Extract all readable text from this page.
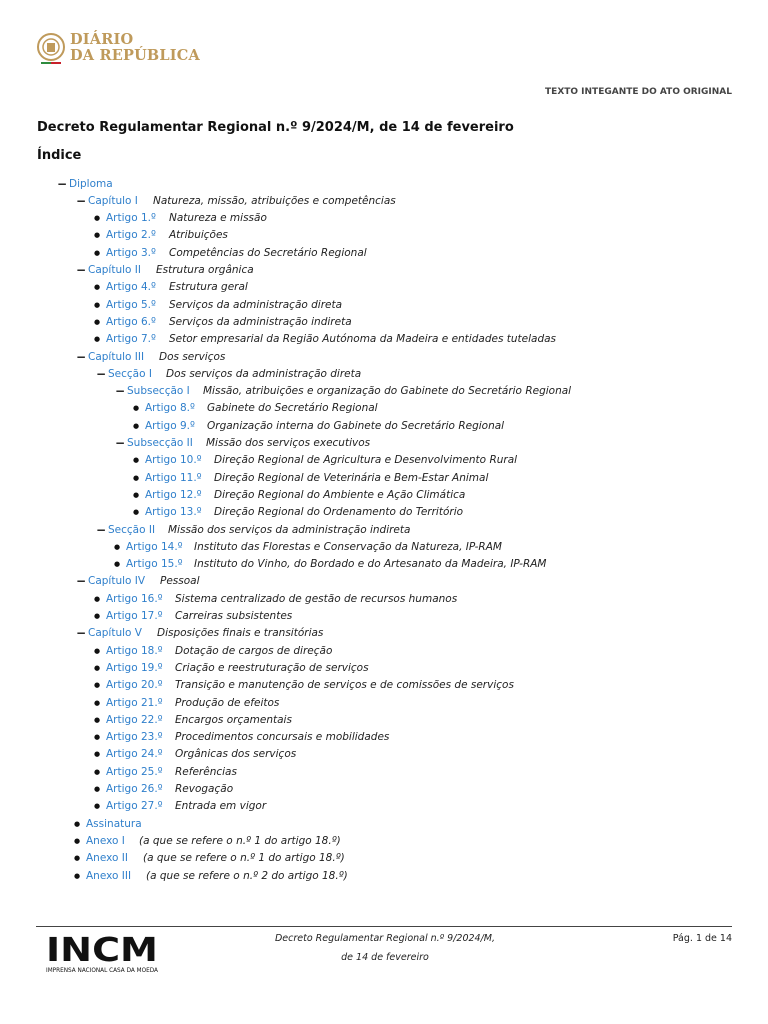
DIÁRIO
DA REPÚBLICA
TEXTO INTEGANTE DO ATO ORIGINAL
Decreto Regulamentar Regional n.º 9/2024/M, de 14 de fevereiro
Índice
− Diploma
− Capítulo I Natureza, missão, atribuições e competências
● Artigo 1.º Natureza e missão
● Artigo 2.º Atribuições
● Artigo 3.º Competências do Secretário Regional
− Capítulo II Estrutura orgânica
● Artigo 4.º Estrutura geral
● Artigo 5.º Serviços da administração direta
● Artigo 6.º Serviços da administração indireta
● Artigo 7.º Setor empresarial da Região Autónoma da Madeira e entidades tuteladas
− Capítulo III Dos serviços
− Secção I Dos serviços da administração direta
− Subsecção I Missão, atribuições e organização do Gabinete do Secretário Regional
● Artigo 8.º Gabinete do Secretário Regional
● Artigo 9.º Organização interna do Gabinete do Secretário Regional
− Subsecção II Missão dos serviços executivos
● Artigo 10.º Direção Regional de Agricultura e Desenvolvimento Rural
● Artigo 11.º Direção Regional de Veterinária e Bem-Estar Animal
● Artigo 12.º Direção Regional do Ambiente e Ação Climática
● Artigo 13.º Direção Regional do Ordenamento do Território
− Secção II Missão dos serviços da administração indireta
● Artigo 14.º Instituto das Florestas e Conservação da Natureza, IP-RAM
● Artigo 15.º Instituto do Vinho, do Bordado e do Artesanato da Madeira, IP-RAM
− Capítulo IV Pessoal
● Artigo 16.º Sistema centralizado de gestão de recursos humanos
● Artigo 17.º Carreiras subsistentes
− Capítulo V Disposições finais e transitórias
● Artigo 18.º Dotação de cargos de direção
● Artigo 19.º Criação e reestruturação de serviços
● Artigo 20.º Transição e manutenção de serviços e de comissões de serviços
● Artigo 21.º Produção de efeitos
● Artigo 22.º Encargos orçamentais
● Artigo 23.º Procedimentos concursais e mobilidades
● Artigo 24.º Orgânicas dos serviços
● Artigo 25.º Referências
● Artigo 26.º Revogação
● Artigo 27.º Entrada em vigor
● Assinatura
● Anexo I (a que se refere o n.º 1 do artigo 18.º)
● Anexo II (a que se refere o n.º 1 do artigo 18.º)
● Anexo III (a que se refere o n.º 2 do artigo 18.º)
INCM
IMPRENSA NACIONAL CASA DA MOEDA
Decreto Regulamentar Regional n.º 9/2024/M,
de 14 de fevereiro
Pág. 1 de 14
